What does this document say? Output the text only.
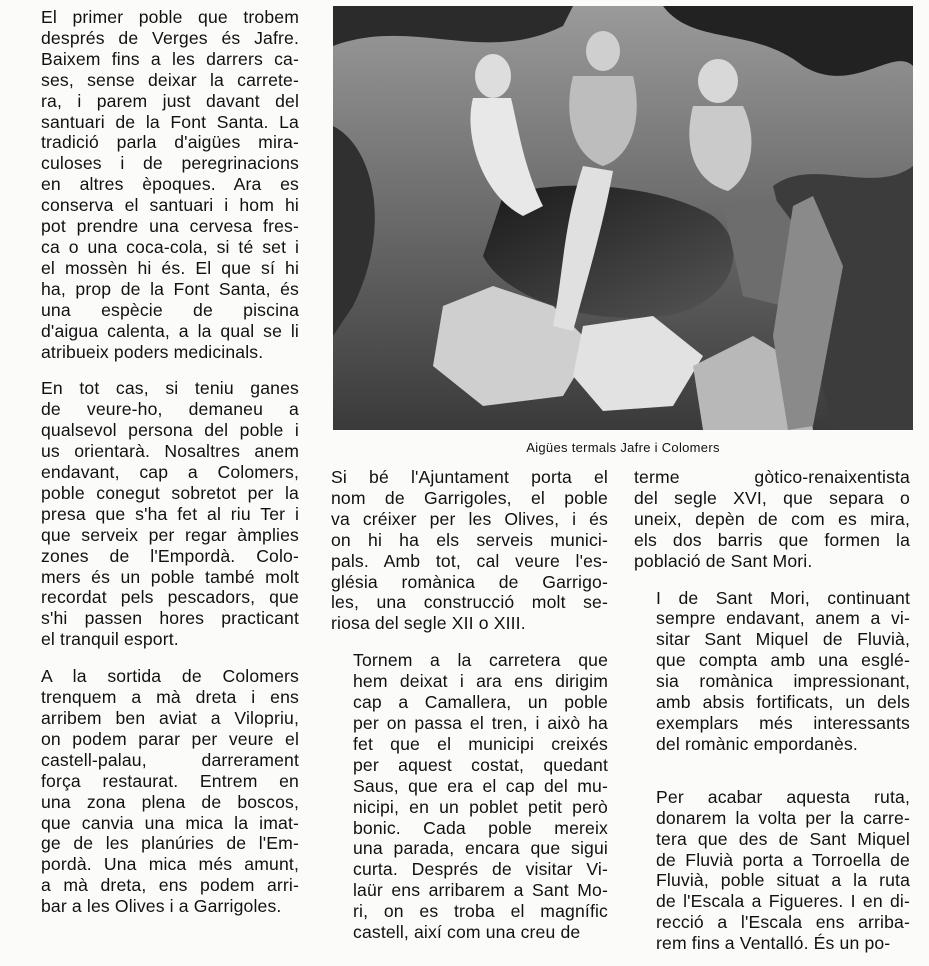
El primer poble que trobem
després de Verges és Jafre.
Baixem fins a les darrers ca-
ses, sense deixar la carrete-
ra, i parem just davant del
santuari de la Font Santa. La
tradició parla d'aigües mira-
culoses i de peregrinacions
en altres èpoques. Ara es
conserva el santuari i hom hi
pot prendre una cervesa fres-
ca o una coca-cola, si té set i
el mossèn hi és. El que sí hi
ha, prop de la Font Santa, és
una espècie de piscina
d'aigua calenta, a la qual se li
atribueix poders medicinals.

En tot cas, si teniu ganes
de veure-ho, demaneu a
qualsevol persona del poble i
us orientarà. Nosaltres anem
endavant, cap a Colomers,
poble conegut sobretot per la
presa que s'ha fet al riu Ter i
que serveix per regar àmplies
zones de l'Empordà. Colo-
mers és un poble també molt
recordat pels pescadors, que
s'hi passen hores practicant
el tranquil esport.

A la sortida de Colomers
trenquem a mà dreta i ens
arribem ben aviat a Vilopriu,
on podem parar per veure el
castell-palau, darrerament
força restaurat. Entrem en
una zona plena de boscos,
que canvia una mica la imat-
ge de les planúries de l'Em-
pordà. Una mica més amunt,
a mà dreta, ens podem arri-
bar a les Olives i a Garrigoles.

Aigües termals Jafre i Colomers

Si bé l'Ajuntament porta el
nom de Garrigoles, el poble
va créixer per les Olives, i és
on hi ha els serveis munici-
pals. Amb tot, cal veure l'es-
glésia romànica de Garrigo-
les, una construcció molt se-
riosa del segle XII o XIII.

Tornem a la carretera que
hem deixat i ara ens dirigim
cap a Camallera, un poble
per on passa el tren, i això ha
fet que el municipi creixés
per aquest costat, quedant
Saus, que era el cap del mu-
nicipi, en un poblet petit però
bonic. Cada poble mereix
una parada, encara que sigui
curta. Després de visitar Vi-
laür ens arribarem a Sant Mo-
ri, on es troba el magnífic
castell, així com una creu de

terme gòtico-renaixentista
del segle XVI, que separa o
uneix, depèn de com es mira,
els dos barris que formen la
població de Sant Mori.

I de Sant Mori, continuant
sempre endavant, anem a vi-
sitar Sant Miquel de Fluvià,
que compta amb una esglé-
sia romànica impressionant,
amb absis fortificats, un dels
exemplars més interessants
del romànic empordanès.

Per acabar aquesta ruta,
donarem la volta per la carre-
tera que des de Sant Miquel
de Fluvià porta a Torroella de
Fluvià, poble situat a la ruta
de l'Escala a Figueres. I en di-
recció a l'Escala ens arriba-
rem fins a Ventalló. És un po-
